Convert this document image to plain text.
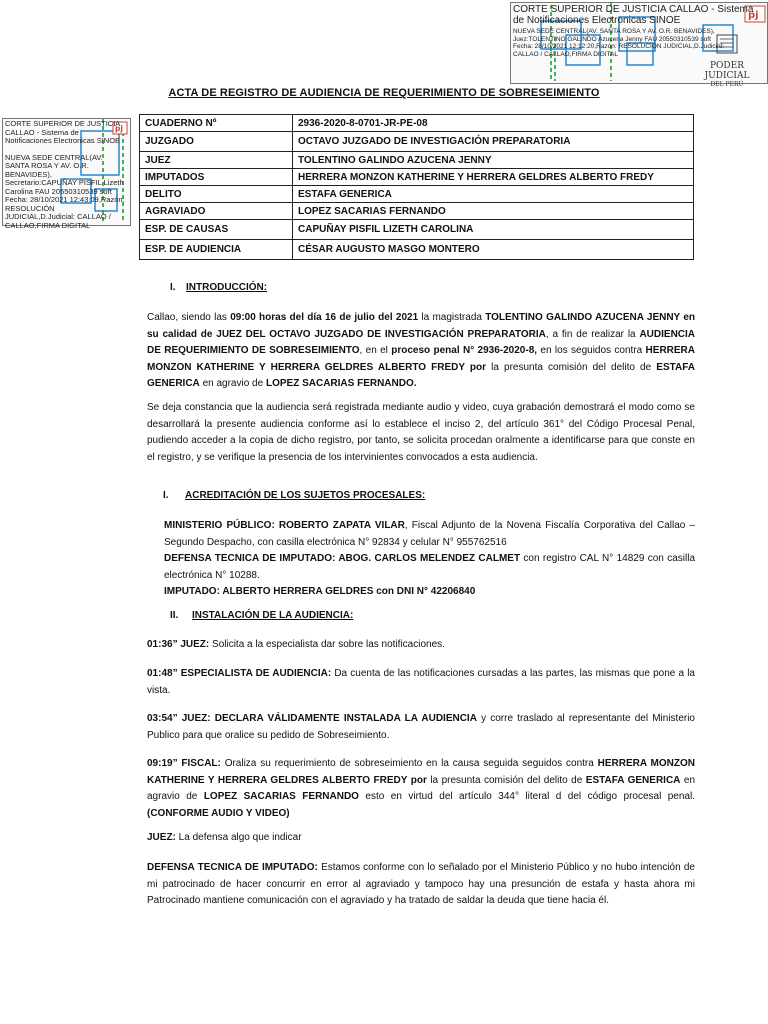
CORTE SUPERIOR DE JUSTICIA CALLAO - Sistema
de Notificaciones Electronicas SINOE
NUEVA SEDE CENTRAL(AV. SANTA ROSA Y AV. O.R. BENAVIDES),
Juez:TOLENTINO GALINDO Azucena Jenny FAU 20550310539 soft
Fecha: 28/10/2021 12:12:20,Razón: RESOLUCIÓN JUDICIAL,D.Judicial:
CALLAO / CALLAO,FIRMA DIGITAL
pj
PODER JUDICIAL
DEL PERÚ
CORTE SUPERIOR DE JUSTICIA
CALLAO - Sistema de
Notificaciones Electronicas SINOE
NUEVA SEDE CENTRAL(AV.
SANTA ROSA Y AV. O.R.
BENAVIDES),
Secretario:CAPUÑAY PISFIL Lizeth
Carolina FAU 20550310539 soft
Fecha: 28/10/2021 12:43:09,Razón:
RESOLUCIÓN
JUDICIAL,D.Judicial: CALLAO /
CALLAO,FIRMA DIGITAL
pj
ACTA DE REGISTRO DE AUDIENCIA DE REQUERIMIENTO DE SOBRESEIMIENTO
CUADERNO Nº	2936-2020-8-0701-JR-PE-08
JUZGADO	OCTAVO JUZGADO DE INVESTIGACIÓN PREPARATORIA
JUEZ	TOLENTINO GALINDO AZUCENA JENNY
IMPUTADOS	HERRERA MONZON KATHERINE Y HERRERA GELDRES ALBERTO FREDY
DELITO	ESTAFA GENERICA
AGRAVIADO	LOPEZ SACARIAS FERNANDO
ESP. DE CAUSAS	CAPUÑAY PISFIL LIZETH CAROLINA
ESP. DE AUDIENCIA	CÉSAR AUGUSTO MASGO MONTERO
I. INTRODUCCIÓN:
Callao, siendo las 09:00 horas del día 16 de julio del 2021 la magistrada TOLENTINO GALINDO AZUCENA JENNY en su calidad de JUEZ DEL OCTAVO JUZGADO DE INVESTIGACIÓN PREPARATORIA, a fin de realizar la AUDIENCIA DE REQUERIMIENTO DE SOBRESEIMIENTO, en el proceso penal N° 2936-2020-8, en los seguidos contra HERRERA MONZON KATHERINE Y HERRERA GELDRES ALBERTO FREDY por la presunta comisión del delito de ESTAFA GENERICA en agravio de LOPEZ SACARIAS FERNANDO.
Se deja constancia que la audiencia será registrada mediante audio y video, cuya grabación demostrará el modo como se desarrollará la presente audiencia conforme así lo establece el inciso 2, del artículo 361° del Código Procesal Penal, pudiendo acceder a la copia de dicho registro, por tanto, se solicita procedan oralmente a identificarse para que conste en el registro, y se verifique la presencia de los intervinientes convocados a esta audiencia.
I. ACREDITACIÓN DE LOS SUJETOS PROCESALES:
MINISTERIO PÚBLICO: ROBERTO ZAPATA VILAR, Fiscal Adjunto de la Novena Fiscalía Corporativa del Callao – Segundo Despacho, con casilla electrónica N° 92834 y celular N° 955762516
DEFENSA TECNICA DE IMPUTADO: ABOG. CARLOS MELENDEZ CALMET con registro CAL N° 14829 con casilla electrónica N° 10288.
IMPUTADO: ALBERTO HERRERA GELDRES con DNI N° 42206840
II. INSTALACIÓN DE LA AUDIENCIA:
01:36” JUEZ: Solicita a la especialista dar sobre las notificaciones.
01:48” ESPECIALISTA DE AUDIENCIA: Da cuenta de las notificaciones cursadas a las partes, las mismas que pone a la vista.
03:54” JUEZ: DECLARA VÁLIDAMENTE INSTALADA LA AUDIENCIA y corre traslado al representante del Ministerio Publico para que oralice su pedido de Sobreseimiento.
09:19” FISCAL: Oraliza su requerimiento de sobreseimiento en la causa seguida seguidos contra HERRERA MONZON KATHERINE Y HERRERA GELDRES ALBERTO FREDY por la presunta comisión del delito de ESTAFA GENERICA en agravio de LOPEZ SACARIAS FERNANDO esto en virtud del artículo 344° literal d del código procesal penal. (CONFORME AUDIO Y VIDEO)
JUEZ: La defensa algo que indicar
DEFENSA TECNICA DE IMPUTADO: Estamos conforme con lo señalado por el Ministerio Público y no hubo intención de mi patrocinado de hacer concurrir en error al agraviado y tampoco hay una presunción de estafa y hasta ahora mi Patrocinado mantiene comunicación con el agraviado y ha tratado de saldar la deuda que tiene hacia él.
